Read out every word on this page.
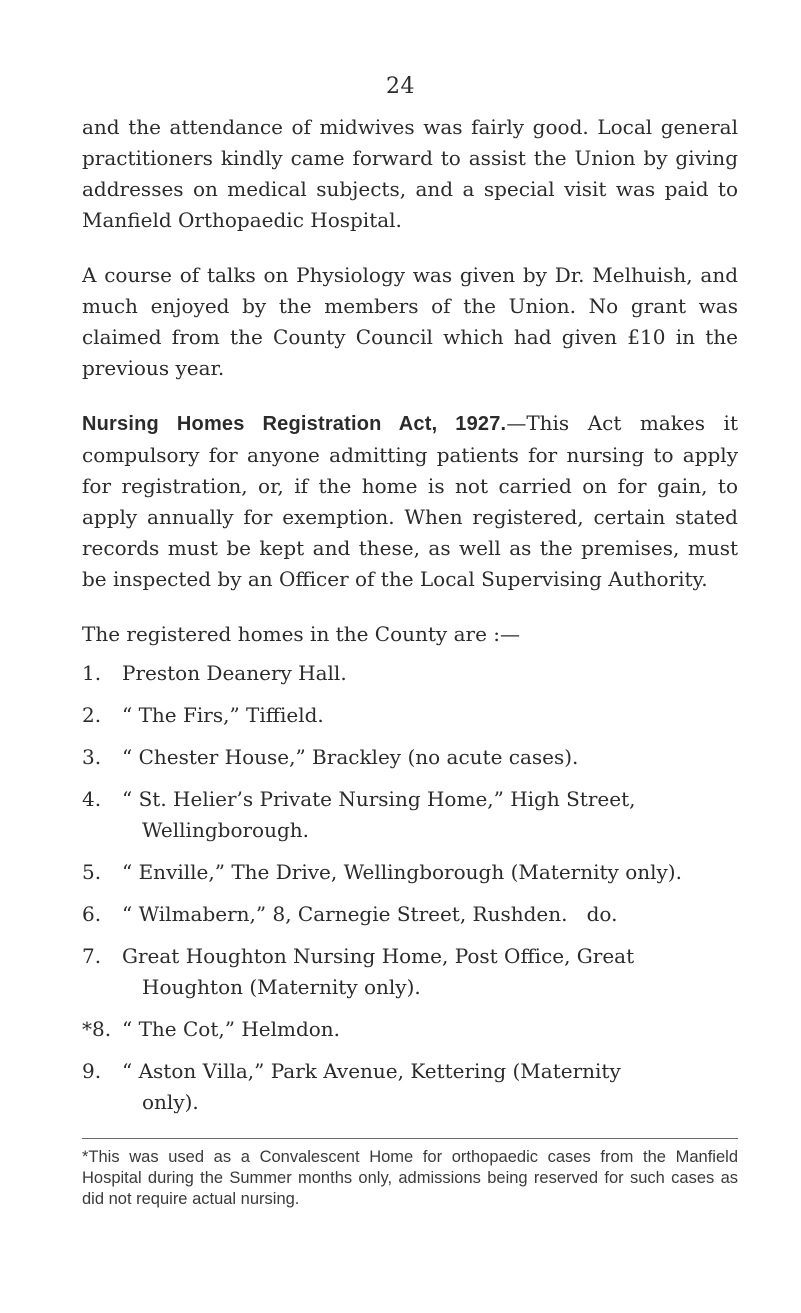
24

and the attendance of midwives was fairly good. Local general practitioners kindly came forward to assist the Union by giving addresses on medical subjects, and a special visit was paid to Manfield Orthopaedic Hospital.

A course of talks on Physiology was given by Dr. Melhuish, and much enjoyed by the members of the Union. No grant was claimed from the County Council which had given £10 in the previous year.

Nursing Homes Registration Act, 1927.—This Act makes it compulsory for anyone admitting patients for nursing to apply for registration, or, if the home is not carried on for gain, to apply annually for exemption. When registered, certain stated records must be kept and these, as well as the premises, must be inspected by an Officer of the Local Supervising Authority.

The registered homes in the County are :—

1.	Preston Deanery Hall.
2.	“ The Firs,” Tiffield.
3.	“ Chester House,” Brackley (no acute cases).
4.	“ St. Helier’s Private Nursing Home,” High Street,
Wellingborough.
5.	“ Enville,” The Drive, Wellingborough (Maternity only).
6.	“ Wilmabern,” 8, Carnegie Street, Rushden.   do.
7.	Great Houghton Nursing Home, Post Office, Great
Houghton (Maternity only).
*8. “ The Cot,” Helmdon.
9.	“ Aston Villa,” Park Avenue, Kettering (Maternity
only).

*This was used as a Convalescent Home for orthopaedic cases from the Manfield Hospital during the Summer months only, admissions being reserved for such cases as did not require actual nursing.
